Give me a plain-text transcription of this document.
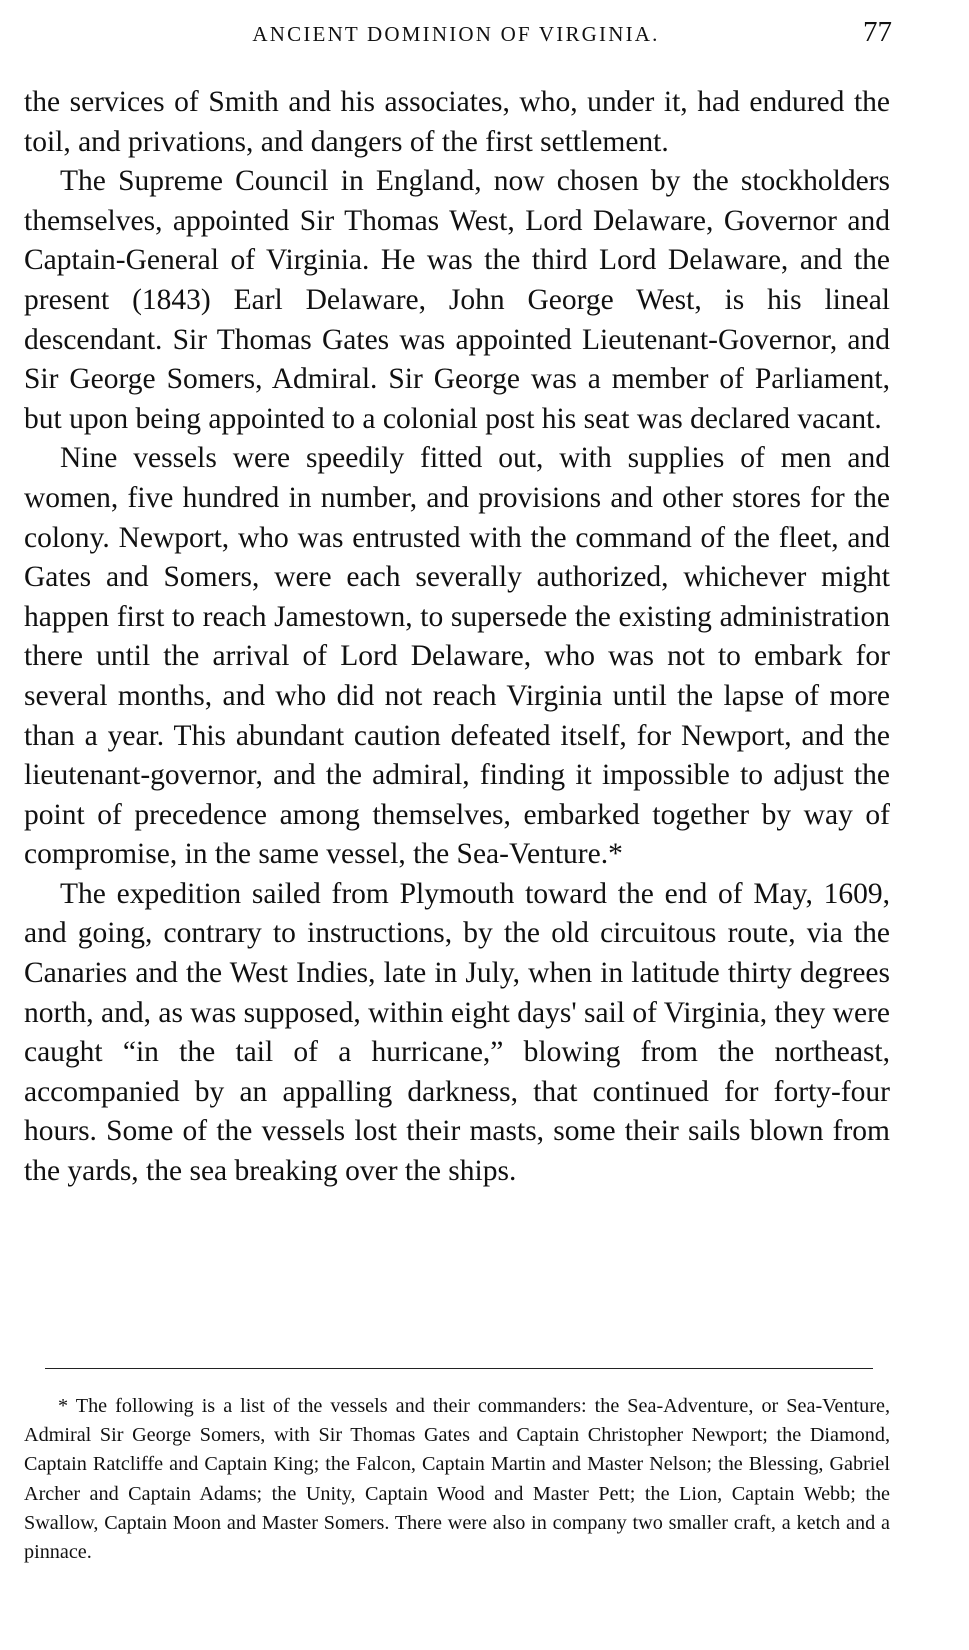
ANCIENT DOMINION OF VIRGINIA.	77

the services of Smith and his associates, who, under it, had endured the toil, and privations, and dangers of the first settlement.

The Supreme Council in England, now chosen by the stockholders themselves, appointed Sir Thomas West, Lord Delaware, Governor and Captain-General of Virginia. He was the third Lord Delaware, and the present (1843) Earl Delaware, John George West, is his lineal descendant. Sir Thomas Gates was appointed Lieutenant-Governor, and Sir George Somers, Admiral. Sir George was a member of Parliament, but upon being appointed to a colonial post his seat was declared vacant.

Nine vessels were speedily fitted out, with supplies of men and women, five hundred in number, and provisions and other stores for the colony. Newport, who was entrusted with the command of the fleet, and Gates and Somers, were each severally authorized, whichever might happen first to reach Jamestown, to supersede the existing administration there until the arrival of Lord Delaware, who was not to embark for several months, and who did not reach Virginia until the lapse of more than a year. This abundant caution defeated itself, for Newport, and the lieutenant-governor, and the admiral, finding it impossible to adjust the point of precedence among themselves, embarked together by way of compromise, in the same vessel, the Sea-Venture.*

The expedition sailed from Plymouth toward the end of May, 1609, and going, contrary to instructions, by the old circuitous route, via the Canaries and the West Indies, late in July, when in latitude thirty degrees north, and, as was supposed, within eight days' sail of Virginia, they were caught “in the tail of a hurricane,” blowing from the northeast, accompanied by an appalling darkness, that continued for forty-four hours. Some of the vessels lost their masts, some their sails blown from the yards, the sea breaking over the ships.

* The following is a list of the vessels and their commanders: the Sea-Adventure, or Sea-Venture, Admiral Sir George Somers, with Sir Thomas Gates and Captain Christopher Newport; the Diamond, Captain Ratcliffe and Captain King; the Falcon, Captain Martin and Master Nelson; the Blessing, Gabriel Archer and Captain Adams; the Unity, Captain Wood and Master Pett; the Lion, Captain Webb; the Swallow, Captain Moon and Master Somers. There were also in company two smaller craft, a ketch and a pinnace.
